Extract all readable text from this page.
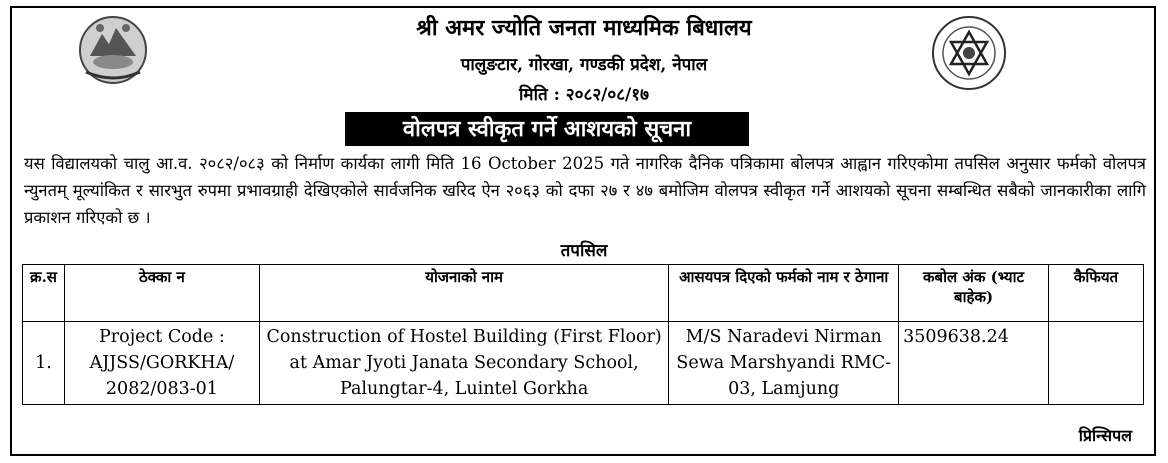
श्री अमर ज्योति जनता माध्यमिक बिधालय
पालुङटार, गोरखा, गण्डकी प्रदेश, नेपाल
मिति : २०८२/०८/१७
वोलपत्र स्वीकृत गर्ने आशयको सूचना
यस विद्यालयको चालु आ.व. २०८२/०८३ को निर्माण कार्यका लागी मिति 16 October 2025 गते नागरिक दैनिक पत्रिकामा बोलपत्र आह्वान गरिएकोमा तपसिल अनुसार फर्मको वोलपत्र न्युनतम् मूल्यांकित र सारभुत रुपमा प्रभावग्राही देखिएकोले सार्वजनिक खरिद ऐन २०६३ को दफा २७ र ४७ बमोजिम वोलपत्र स्वीकृत गर्ने आशयको सूचना सम्बन्धित सबैको जानकारीका लागि प्रकाशन गरिएको छ ।
तपसिल
क्र.स	ठेक्का न	योजनाको नाम	आसयपत्र दिएको फर्मको नाम र ठेगाना	कबोल अंक (भ्याट बाहेक)	कैफियत
1.	Project Code : AJJSS/GORKHA/ 2082/083-01	Construction of Hostel Building (First Floor) at Amar Jyoti Janata Secondary School, Palungtar-4, Luintel Gorkha	M/S Naradevi Nirman Sewa Marshyandi RMC-03, Lamjung	3509638.24	
प्रिन्सिपल
